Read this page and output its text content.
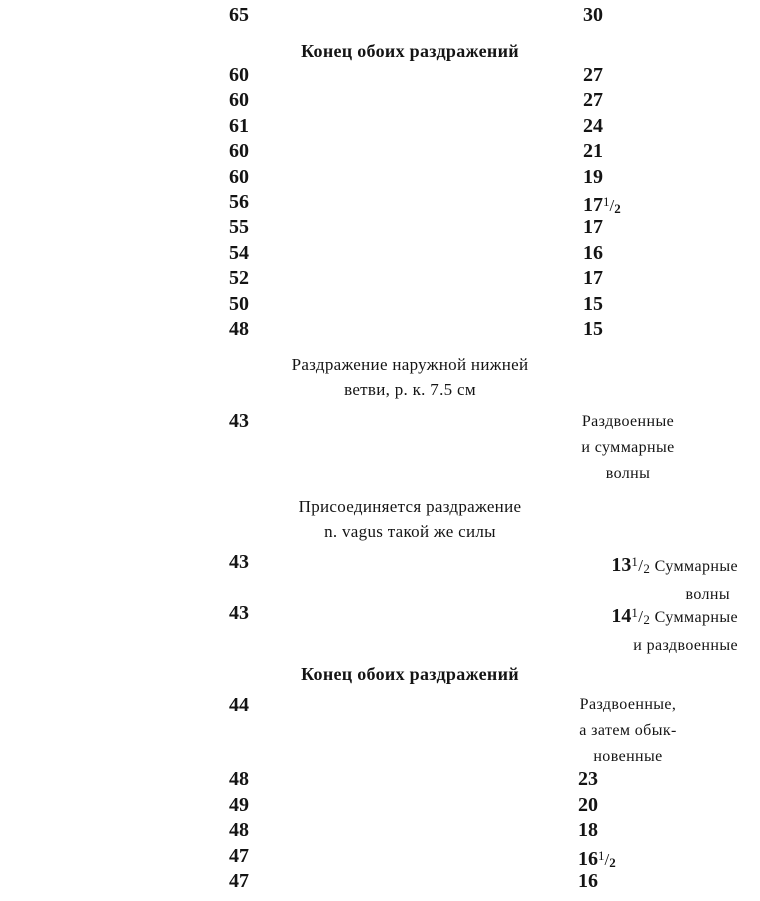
65	30
Конец обоих раздражений
60	27
60	27
61	24
60	21
60	19
56	$17^1/2$
55	17
54	16
52	17
50	15
48	15
Раздражение наружной нижней
ветви, р. к. 7.5 см
43	Раздвоенные
и суммарные
волны
Присоединяется раздражение
n. vagus такой же силы
43	$13^1/2$ Суммарные
волны
43	$14^1/2$ Суммарные
и раздвоенные
Конец обоих раздражений
44	Раздвоенные,
а затем обык-
новенные
48	23
49	20
48	18
47	$16^1/2$
47	16
